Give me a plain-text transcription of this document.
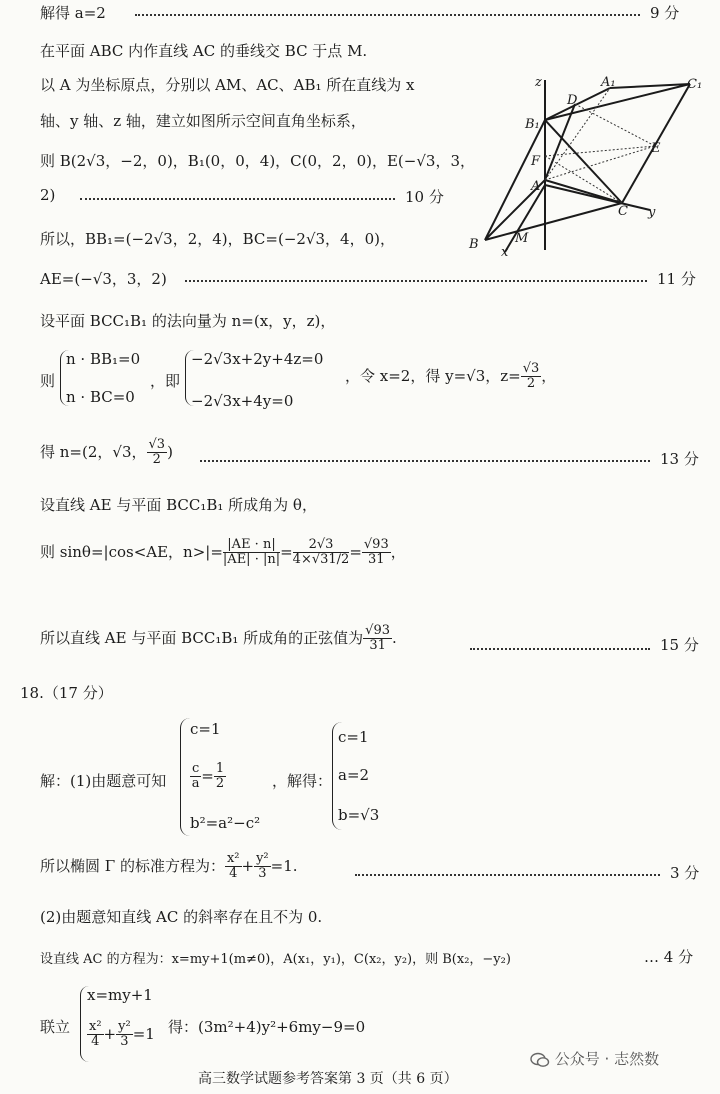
解得 a=2	9 分
在平面 ABC 内作直线 AC 的垂线交 BC 于点 M.
以 A 为坐标原点，分别以 AM、AC、AB₁ 所在直线为 x
轴、y 轴、z 轴，建立如图所示空间直角坐标系，
则 B(2√3，−2，0)，B₁(0，0，4)，C(0，2，0)，E(−√3，3，
2)	10 分
所以，BB₁=(−2√3，2，4)，BC=(−2√3，4，0)，
AE=(−√3，3，2)	11 分
设平面 BCC₁B₁ 的法向量为 n=(x，y，z)，
则
n · BB₁=0
n · BC=0
，即
−2√3x+2y+4z=0
−2√3x+4y=0
，令 x=2，得 y=√3，$z= \frac{√3}{2}$ ，
得 n=(2，√3， $\frac{√3}{2}$ )	13 分
设直线 AE 与平面 BCC₁B₁ 所成角为 θ，
则 sinθ=|cos<AE，$n>|= \frac{|AE \cdot n|}{|AE| \cdot |n|} = \frac{2√3}{4\times√31/2} = \frac{√93}{31}$ ，
所以直线 AE 与平面 BCC₁B₁ 所成角的正弦值为 $\frac{√93}{31}$ .	15 分
18.（17 分）
解：(1)由题意可知
c=1
$\frac{c}{a} = \frac{1}{2}$
b²=a²−c²
，解得：
c=1
a=2
b=√3
所以椭圆 Γ 的标准方程为： $\frac{\text{x²}}{4} + \frac{\text{y²}}{3} =1$.	3 分
(2)由题意知直线 AC 的斜率存在且不为 0.
设直线 AC 的方程为：x=my+1(m≠0)，A(x₁，y₁)，C(x₂，y₂)，则 B(x₂，−y₂)	… 4 分
联立
x=my+1
$\frac{\text{x²}}{4} + \frac{\text{y²}}{3} =1$ 得：(3m²+4)y²+6my−9=0
高三数学试题参考答案第 3 页（共 6 页）
公众号 · 志然数
z	A₁	C₁
D
B₁
E
F
A
C y
B	M
x
